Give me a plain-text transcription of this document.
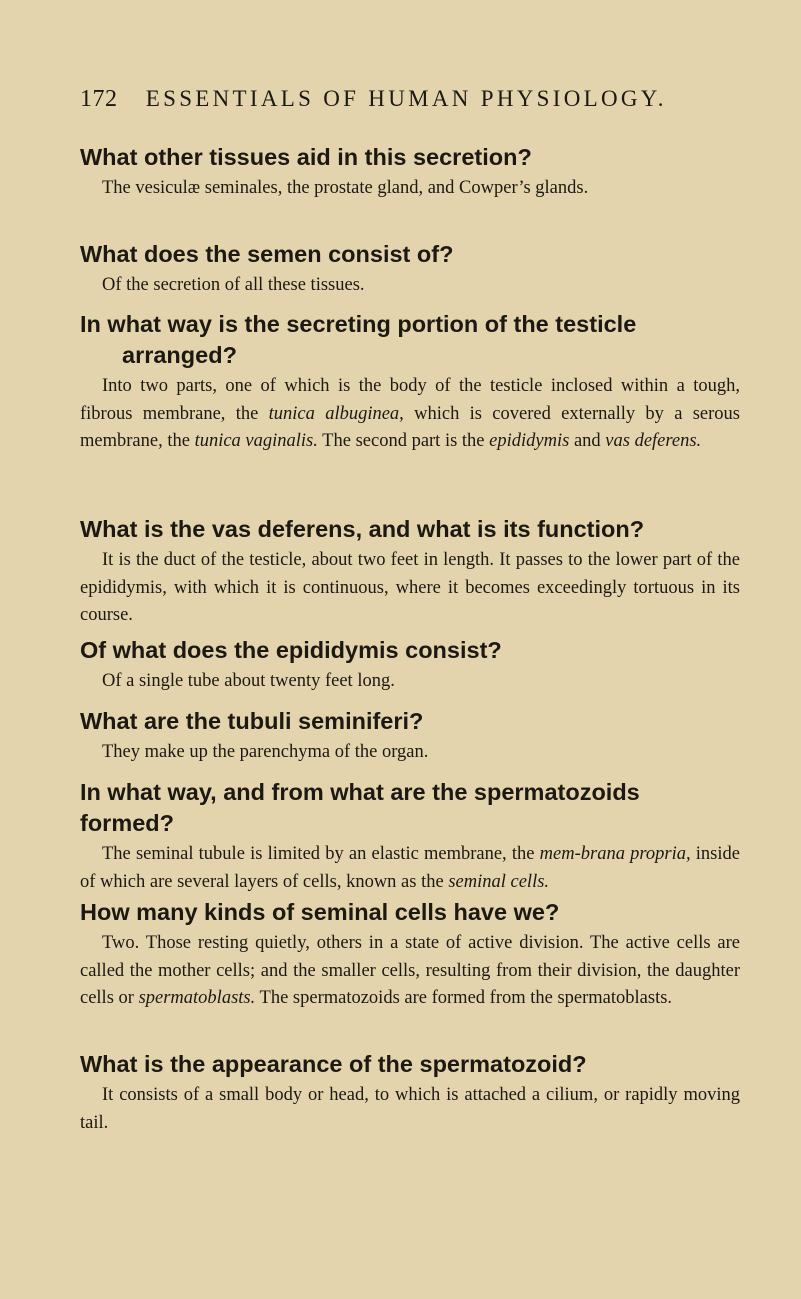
172 ESSENTIALS OF HUMAN PHYSIOLOGY.
What other tissues aid in this secretion?
The vesiculæ seminales, the prostate gland, and Cowper’s glands.
What does the semen consist of?
Of the secretion of all these tissues.
In what way is the secreting portion of the testicle
arranged?
Into two parts, one of which is the body of the testicle inclosed within a tough, fibrous membrane, the tunica albuginea, which is covered externally by a serous membrane, the tunica vaginalis. The second part is the epididymis and vas deferens.
What is the vas deferens, and what is its function?
It is the duct of the testicle, about two feet in length. It passes to the lower part of the epididymis, with which it is continuous, where it becomes exceedingly tortuous in its course.
Of what does the epididymis consist?
Of a single tube about twenty feet long.
What are the tubuli seminiferi?
They make up the parenchyma of the organ.
In what way, and from what are the spermatozoids formed?
The seminal tubule is limited by an elastic membrane, the mem-brana propria, inside of which are several layers of cells, known as the seminal cells.
How many kinds of seminal cells have we?
Two. Those resting quietly, others in a state of active division. The active cells are called the mother cells; and the smaller cells, resulting from their division, the daughter cells or spermatoblasts. The spermatozoids are formed from the spermatoblasts.
What is the appearance of the spermatozoid?
It consists of a small body or head, to which is attached a cilium, or rapidly moving tail.
